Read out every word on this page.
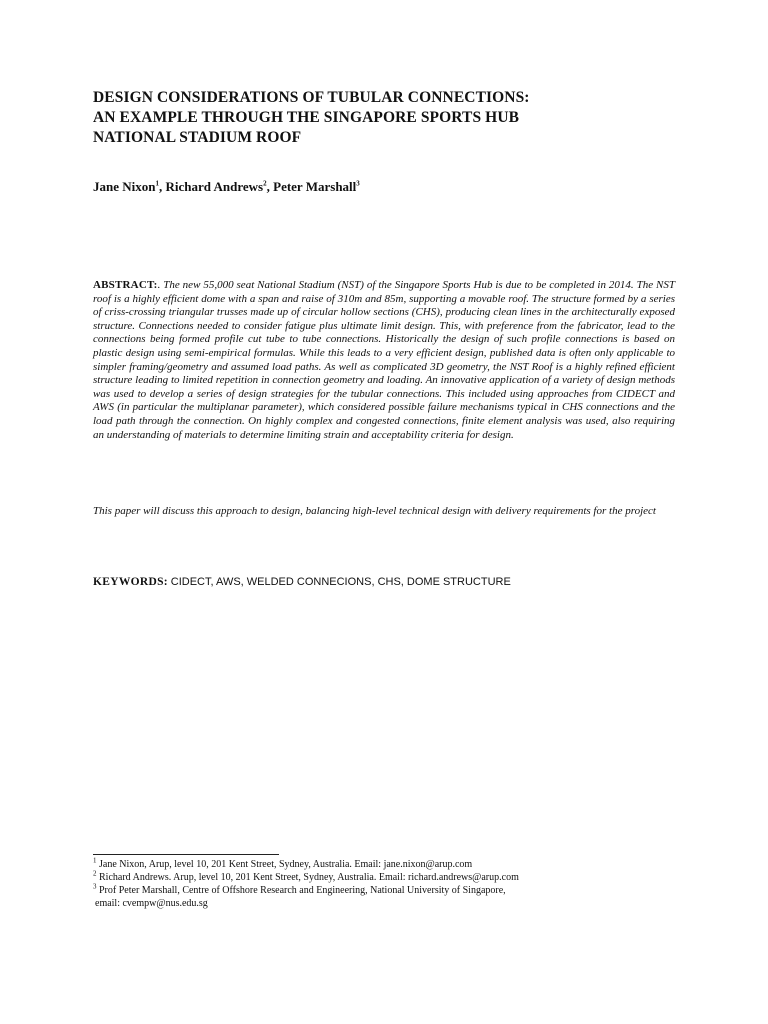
DESIGN CONSIDERATIONS OF TUBULAR CONNECTIONS:
AN EXAMPLE THROUGH THE SINGAPORE SPORTS HUB
NATIONAL STADIUM ROOF
Jane Nixon$^1$, Richard Andrews$^2$, Peter Marshall$^3$
ABSTRACT:. The new 55,000 seat National Stadium (NST) of the Singapore Sports Hub is due to be completed in 2014. The NST roof is a highly efficient dome with a span and raise of 310m and 85m, supporting a movable roof. The structure formed by a series of criss-crossing triangular trusses made up of circular hollow sections (CHS), producing clean lines in the architecturally exposed structure. Connections needed to consider fatigue plus ultimate limit design. This, with preference from the fabricator, lead to the connections being formed profile cut tube to tube connections. Historically the design of such profile connections is based on plastic design using semi-empirical formulas. While this leads to a very efficient design, published data is often only applicable to simpler framing/geometry and assumed load paths. As well as complicated 3D geometry, the NST Roof is a highly refined efficient structure leading to limited repetition in connection geometry and loading. An innovative application of a variety of design methods was used to develop a series of design strategies for the tubular connections. This included using approaches from CIDECT and AWS (in particular the multiplanar parameter), which considered possible failure mechanisms typical in CHS connections and the load path through the connection. On highly complex and congested connections, finite element analysis was used, also requiring an understanding of materials to determine limiting strain and acceptability criteria for design.
This paper will discuss this approach to design, balancing high-level technical design with delivery requirements for the project
KEYWORDS: CIDECT, AWS, WELDED CONNECIONS, CHS, DOME STRUCTURE
$^1$ Jane Nixon, Arup, level 10, 201 Kent Street, Sydney, Australia. Email: jane.nixon@arup.com
$^2$ Richard Andrews. Arup, level 10, 201 Kent Street, Sydney, Australia. Email: richard.andrews@arup.com
$^3$ Prof Peter Marshall, Centre of Offshore Research and Engineering, National University of Singapore,
email: cvempw@nus.edu.sg
